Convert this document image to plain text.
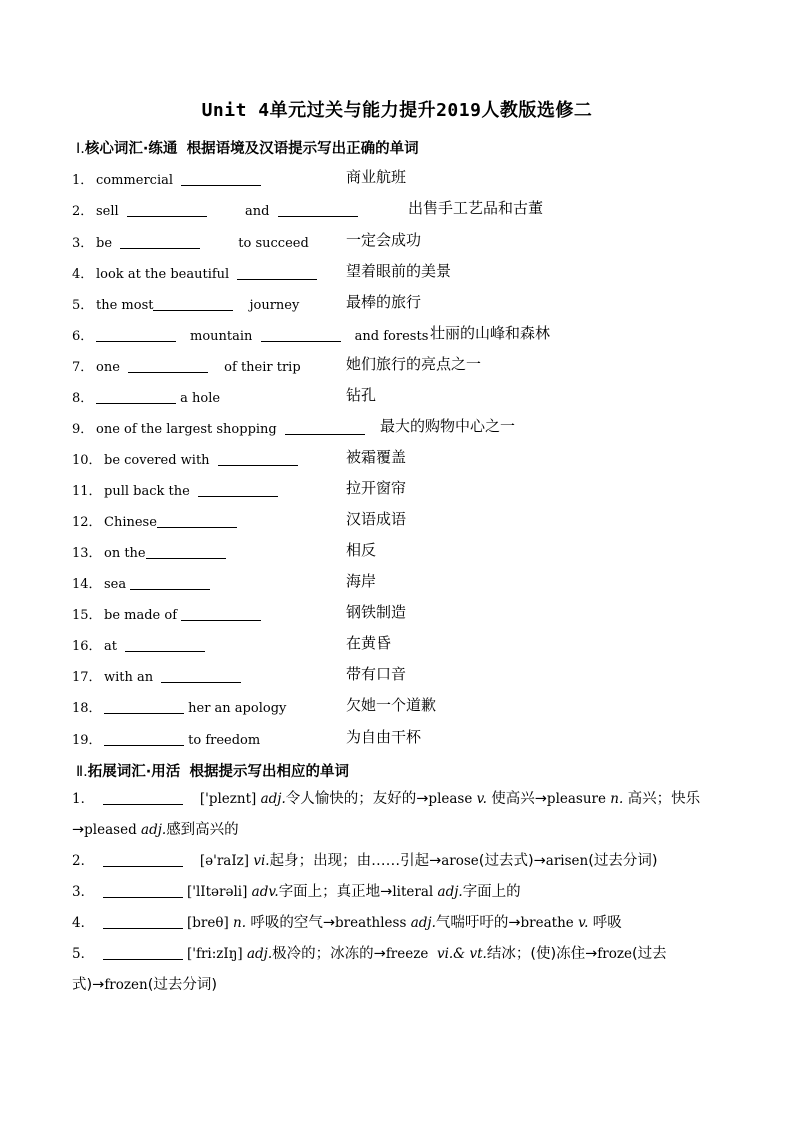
Unit 4单元过关与能力提升2019人教版选修二
Ⅰ.核心词汇·练通 根据语境及汉语提示写出正确的单词
1． commercial	商业航班
2． sell	and	出售手工艺品和古董
3． be	to succeed 一定会成功
4． look at the beautiful	望着眼前的美景
5． the most	journey	最棒的旅行
6．	mountain	and forests 壮丽的山峰和森林
7． one	of their trip	她们旅行的亮点之一
8．	a hole	钻孔
9． one of the largest shopping	最大的购物中心之一
10． be covered with	被霜覆盖
11． pull back the	拉开窗帘
12． Chinese	汉语成语
13． on the	相反
14． sea	海岸
15． be made of	钢铁制造
16． at	在黄昏
17． with an	带有口音
18．	her an apology	欠她一个道歉
19．	to freedom	为自由干杯
Ⅱ.拓展词汇·用活 根据提示写出相应的单词
1．	['pleznt] adj.令人愉快的；友好的→please v. 使高兴→pleasure n. 高兴；快乐
→pleased adj.感到高兴的
2．	[ə'raIz] vi.起身；出现；由……引起→arose(过去式)→arisen(过去分词)
3．	['lItərəli] adv.字面上；真正地→literal adj.字面上的
4．	[breθ] n. 呼吸的空气→breathless adj.气喘吁吁的→breathe v. 呼吸
5．	['fri:zIŋ] adj.极冷的；冰冻的→freeze vi.& vt.结冰；(使)冻住→froze(过去
式)→frozen(过去分词)
